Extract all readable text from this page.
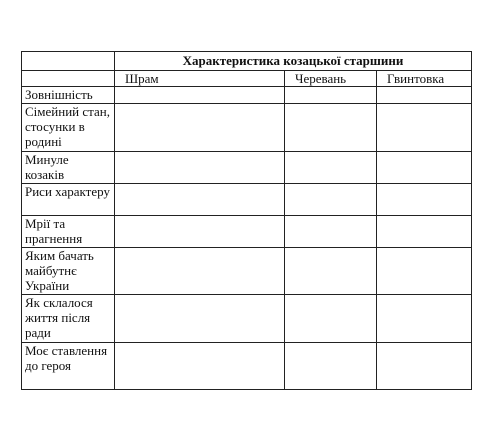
	Характеристика козацької старшини		
	Шрам	Черевань	Гвинтовка
Зовнішність			
Сімейний стан, стосунки в родині			
Минуле козаків			
Риси характеру			
Мрії та прагнення			
Яким бачать майбутнє України			
Як склалося життя після ради			
Моє ставлення до героя			
